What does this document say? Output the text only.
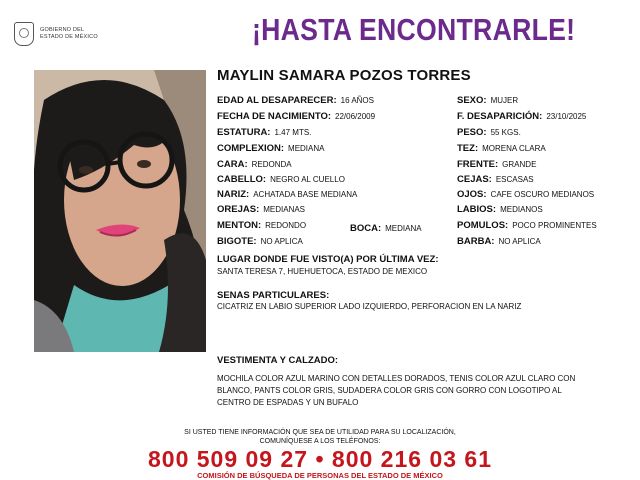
GOBIERNO DEL
ESTADO DE MÉXICO	¡HASTA ENCONTRARLE!
MAYLIN SAMARA POZOS TORRES
EDAD AL DESAPARECER: 16 AÑOS
FECHA DE NACIMIENTO: 22/06/2009
ESTATURA: 1.47 MTS.
COMPLEXION: MEDIANA
CARA: REDONDA
CABELLO: NEGRO AL CUELLO
NARIZ: ACHATADA BASE MEDIANA
OREJAS: MEDIANAS
MENTON: REDONDO	BOCA: MEDIANA
BIGOTE: NO APLICA
SEXO: MUJER
F. DESAPARICIÓN: 23/10/2025
PESO: 55 KGS.
TEZ: MORENA CLARA
FRENTE: GRANDE
CEJAS: ESCASAS
OJOS: CAFE OSCURO MEDIANOS
LABIOS: MEDIANOS
POMULOS: POCO PROMINENTES
BARBA: NO APLICA
LUGAR DONDE FUE VISTO(A) POR ÚLTIMA VEZ:
SANTA TERESA 7, HUEHUETOCA, ESTADO DE MEXICO
SENAS PARTICULARES:
CICATRIZ EN LABIO SUPERIOR LADO IZQUIERDO, PERFORACION EN LA NARIZ
VESTIMENTA Y CALZADO:
MOCHILA COLOR AZUL MARINO CON DETALLES DORADOS, TENIS COLOR AZUL CLARO CON BLANCO, PANTS COLOR GRIS, SUDADERA COLOR GRIS CON GORRO CON LOGOTIPO AL CENTRO DE ESPADAS Y UN BUFALO
SI USTED TIENE INFORMACIÓN QUE SEA DE UTILIDAD PARA SU LOCALIZACIÓN,
COMUNÍQUESE A LOS TELÉFONOS:
800 509 09 27 • 800 216 03 61
COMISIÓN DE BÚSQUEDA DE PERSONAS DEL ESTADO DE MÉXICO
